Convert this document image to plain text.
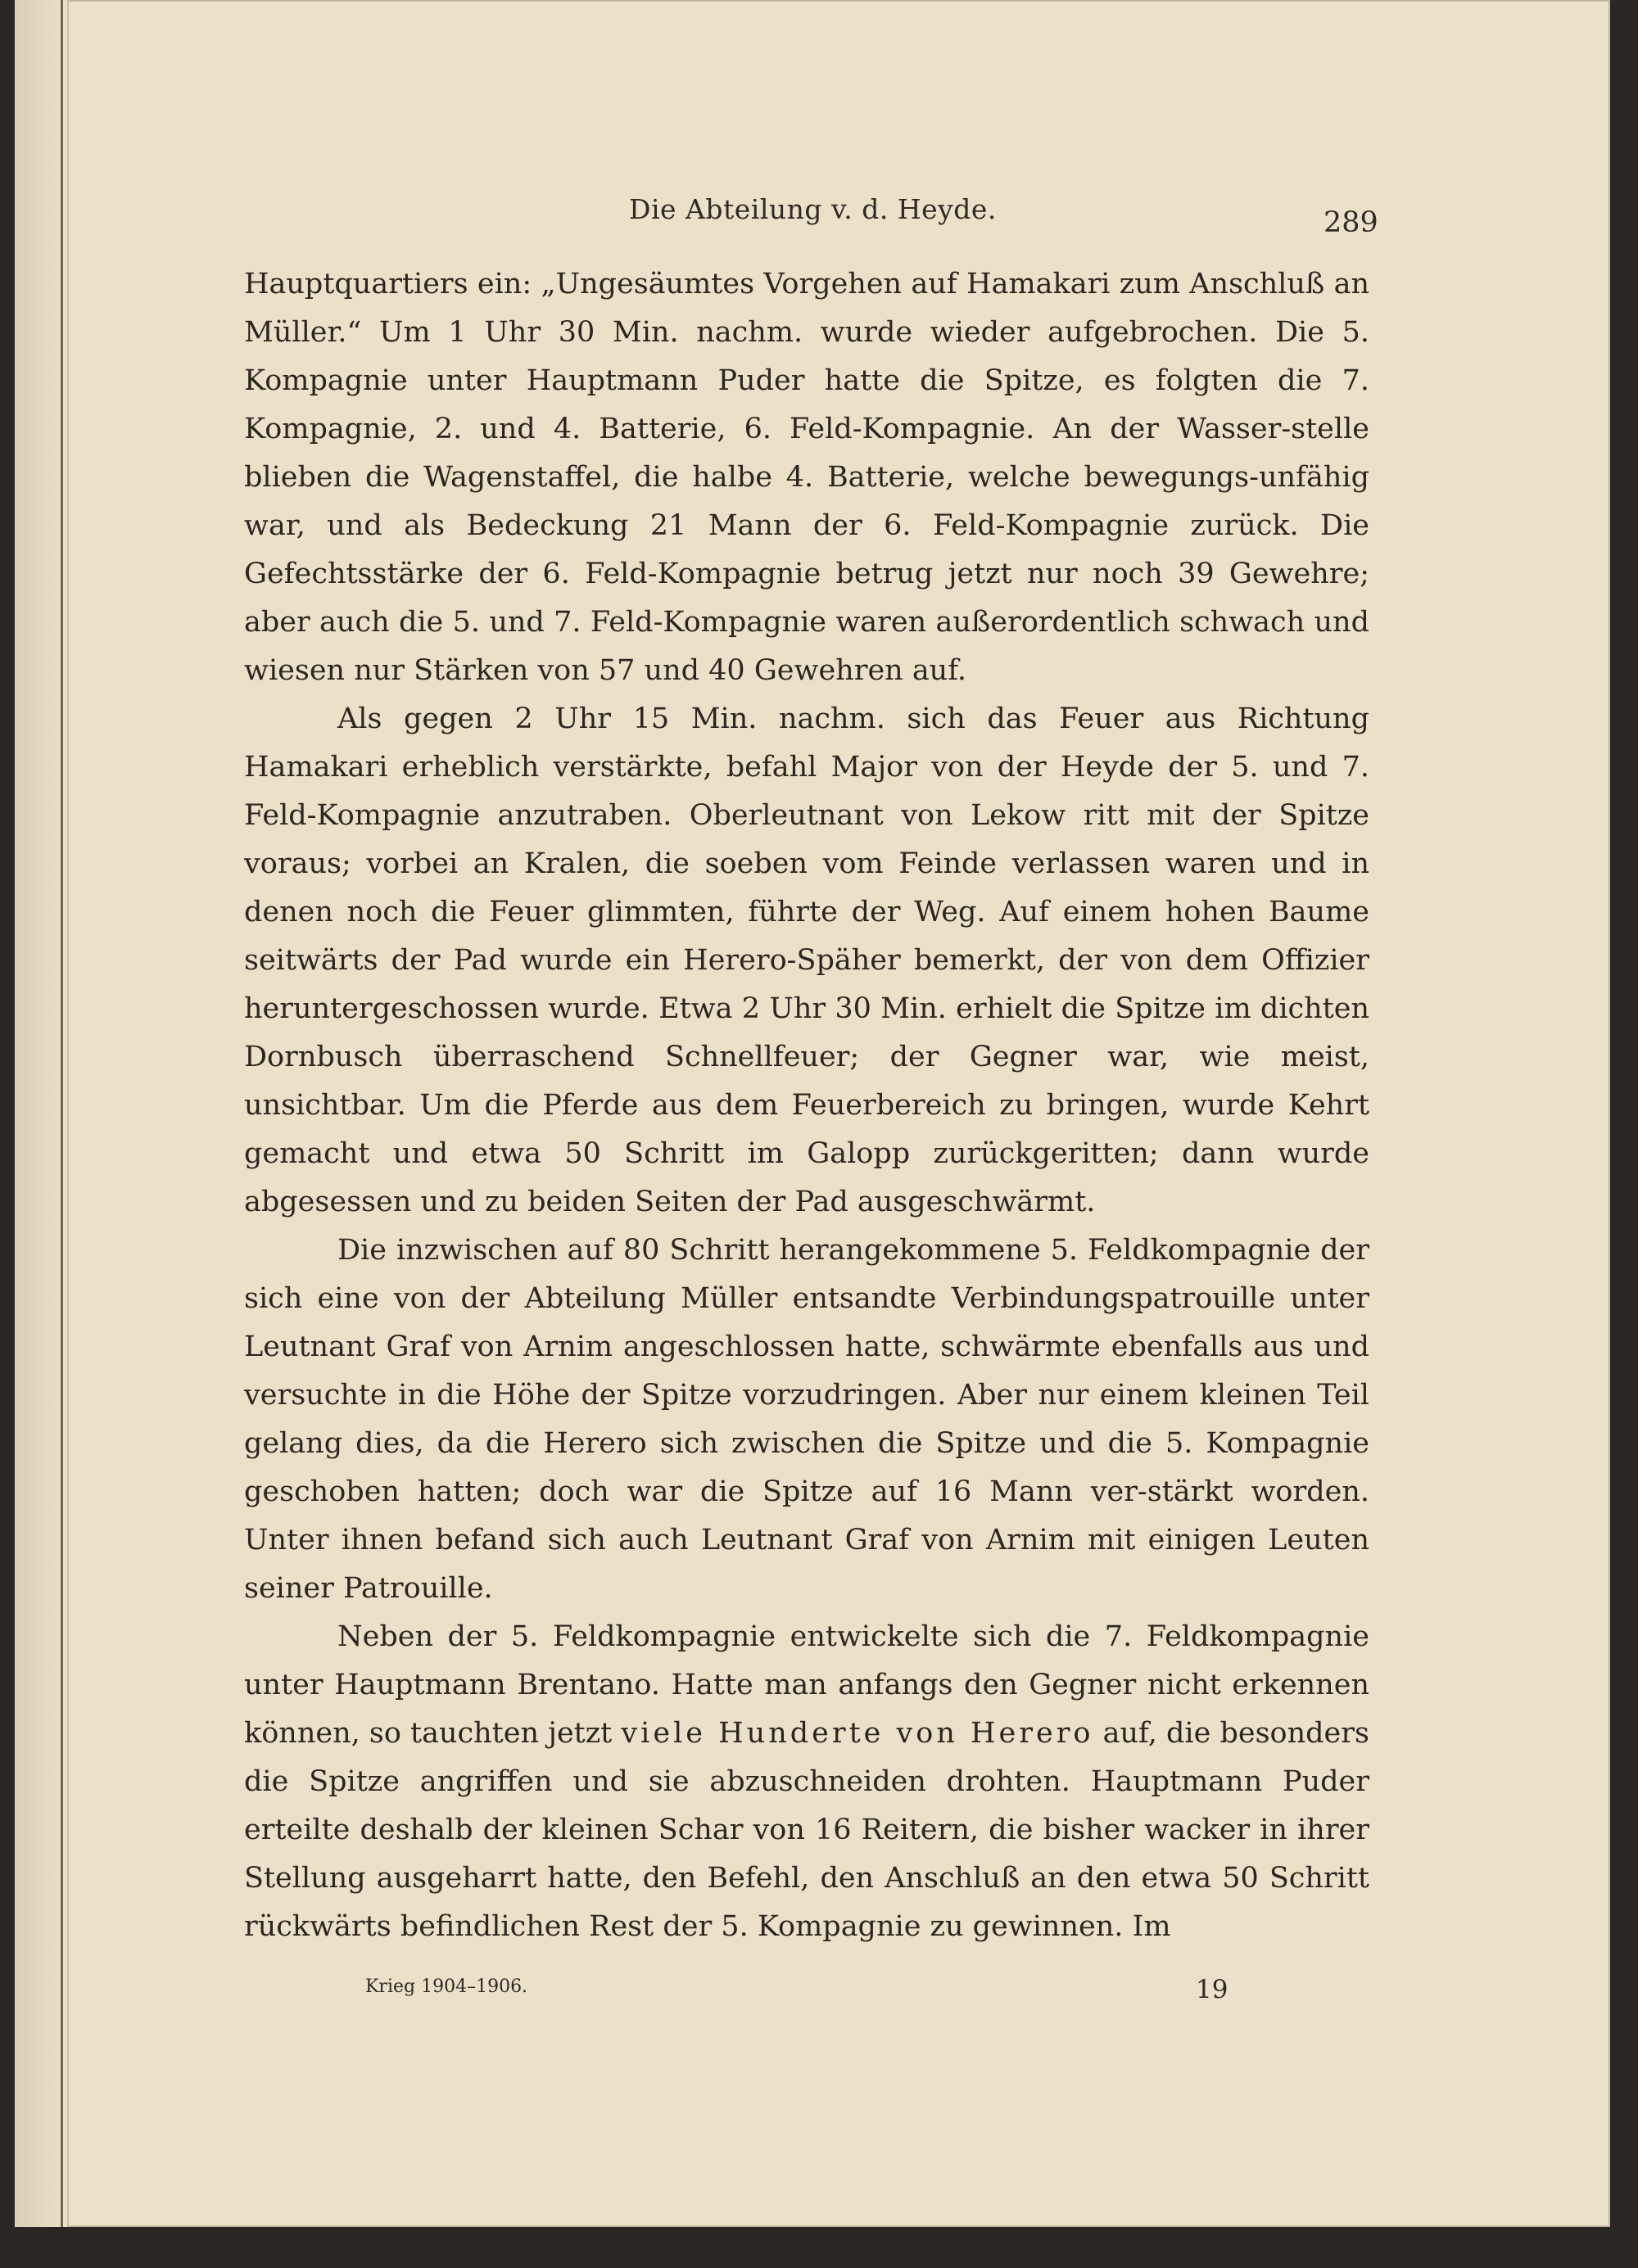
Die Abteilung v. d. Heyde.	289

Hauptquartiers ein: „Ungesäumtes Vorgehen auf Hamakari zum Anschluß an Müller.“ Um 1 Uhr 30 Min. nachm. wurde wieder aufgebrochen. Die 5. Kompagnie unter Hauptmann Puder hatte die Spitze, es folgten die 7. Kompagnie, 2. und 4. Batterie, 6. Feld-Kompagnie. An der Wasser-stelle blieben die Wagenstaffel, die halbe 4. Batterie, welche bewegungs-unfähig war, und als Bedeckung 21 Mann der 6. Feld-Kompagnie zurück. Die Gefechtsstärke der 6. Feld-Kompagnie betrug jetzt nur noch 39 Gewehre; aber auch die 5. und 7. Feld-Kompagnie waren außerordentlich schwach und wiesen nur Stärken von 57 und 40 Gewehren auf.

Als gegen 2 Uhr 15 Min. nachm. sich das Feuer aus Richtung Hamakari erheblich verstärkte, befahl Major von der Heyde der 5. und 7. Feld-Kompagnie anzutraben. Oberleutnant von Lekow ritt mit der Spitze voraus; vorbei an Kralen, die soeben vom Feinde verlassen waren und in denen noch die Feuer glimmten, führte der Weg. Auf einem hohen Baume seitwärts der Pad wurde ein Herero-Späher bemerkt, der von dem Offizier heruntergeschossen wurde. Etwa 2 Uhr 30 Min. erhielt die Spitze im dichten Dornbusch überraschend Schnellfeuer; der Gegner war, wie meist, unsichtbar. Um die Pferde aus dem Feuerbereich zu bringen, wurde Kehrt gemacht und etwa 50 Schritt im Galopp zurückgeritten; dann wurde abgesessen und zu beiden Seiten der Pad ausgeschwärmt.

Die inzwischen auf 80 Schritt herangekommene 5. Feldkompagnie der sich eine von der Abteilung Müller entsandte Verbindungspatrouille unter Leutnant Graf von Arnim angeschlossen hatte, schwärmte ebenfalls aus und versuchte in die Höhe der Spitze vorzudringen. Aber nur einem kleinen Teil gelang dies, da die Herero sich zwischen die Spitze und die 5. Kompagnie geschoben hatten; doch war die Spitze auf 16 Mann ver-stärkt worden. Unter ihnen befand sich auch Leutnant Graf von Arnim mit einigen Leuten seiner Patrouille.

Neben der 5. Feldkompagnie entwickelte sich die 7. Feldkompagnie unter Hauptmann Brentano. Hatte man anfangs den Gegner nicht erkennen können, so tauchten jetzt viele Hunderte von Herero auf, die besonders die Spitze angriffen und sie abzuschneiden drohten. Hauptmann Puder erteilte deshalb der kleinen Schar von 16 Reitern, die bisher wacker in ihrer Stellung ausgeharrt hatte, den Befehl, den Anschluß an den etwa 50 Schritt rückwärts befindlichen Rest der 5. Kompagnie zu gewinnen. Im

Krieg 1904–1906.	19
